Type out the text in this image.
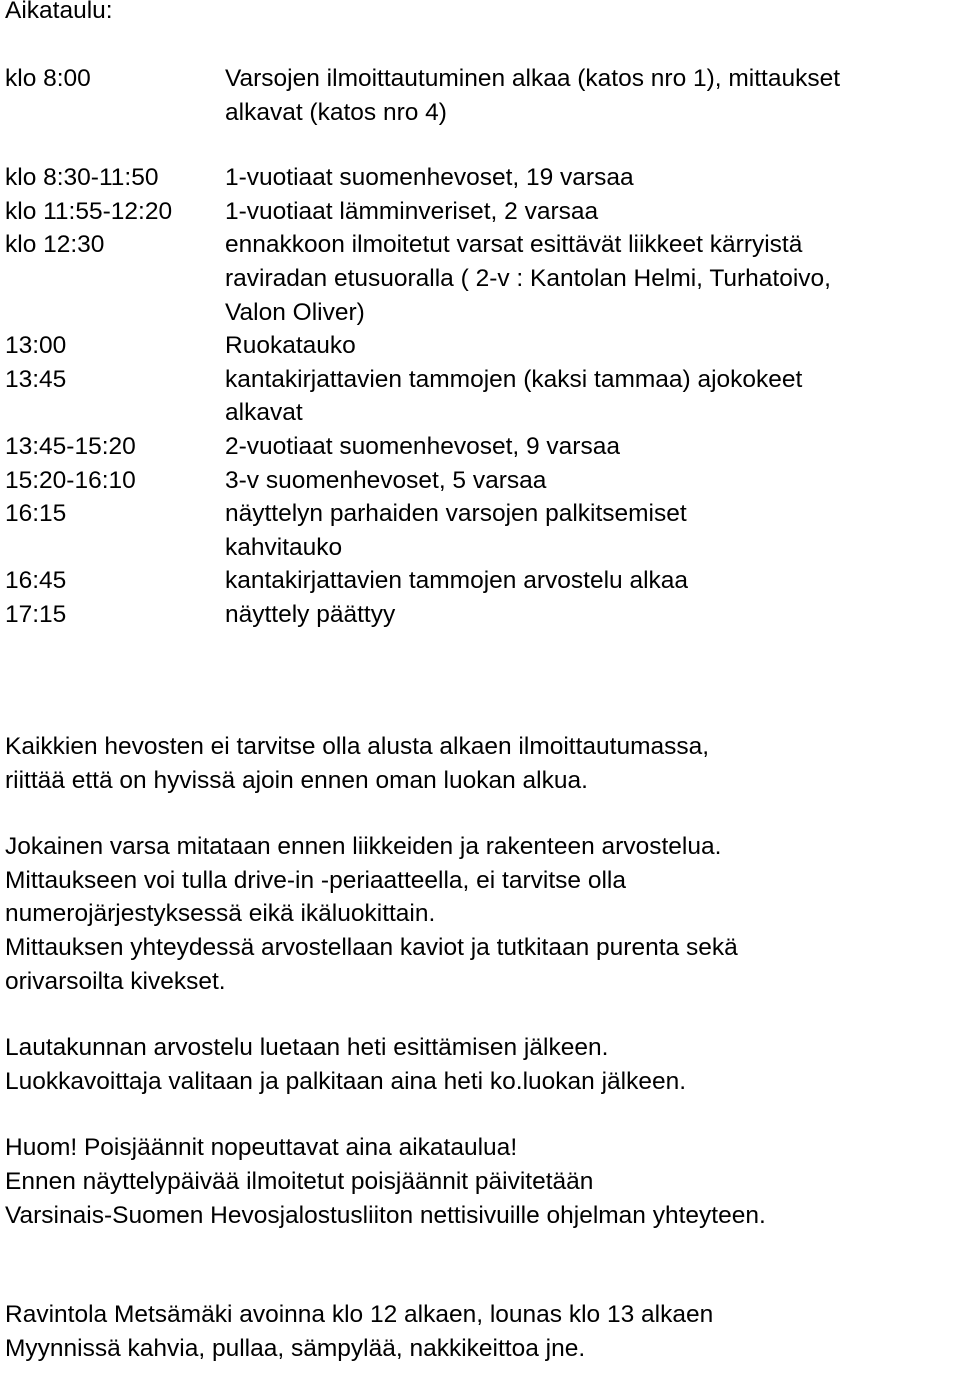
Aikataulu:
klo 8:00	Varsojen ilmoittautuminen alkaa (katos nro 1), mittaukset
alkavat (katos nro 4)
klo 8:30-11:50	1-vuotiaat suomenhevoset, 19 varsaa
klo 11:55-12:20	1-vuotiaat lämminveriset, 2 varsaa
klo 12:30	ennakkoon ilmoitetut varsat esittävät liikkeet kärryistä
raviradan etusuoralla ( 2-v : Kantolan Helmi, Turhatoivo,
Valon Oliver)
13:00	Ruokatauko
13:45	kantakirjattavien tammojen (kaksi tammaa) ajokokeet
alkavat
13:45-15:20	2-vuotiaat suomenhevoset, 9 varsaa
15:20-16:10	3-v suomenhevoset, 5 varsaa
16:15	näyttelyn parhaiden varsojen palkitsemiset
kahvitauko
16:45	kantakirjattavien tammojen arvostelu alkaa
17:15	näyttely päättyy

Kaikkien hevosten ei tarvitse olla alusta alkaen ilmoittautumassa,
riittää että on hyvissä ajoin ennen oman luokan alkua.

Jokainen varsa mitataan ennen liikkeiden ja rakenteen arvostelua.
Mittaukseen voi tulla drive-in -periaatteella, ei tarvitse olla
numerojärjestyksessä eikä ikäluokittain.
Mittauksen yhteydessä arvostellaan kaviot ja tutkitaan purenta sekä
orivarsoilta kivekset.

Lautakunnan arvostelu luetaan heti esittämisen jälkeen.
Luokkavoittaja valitaan ja palkitaan aina heti ko.luokan jälkeen.

Huom! Poisjäännit nopeuttavat aina aikataulua!
Ennen näyttelypäivää ilmoitetut poisjäännit päivitetään
Varsinais-Suomen Hevosjalostusliiton nettisivuille ohjelman yhteyteen.

Ravintola Metsämäki avoinna klo 12 alkaen, lounas klo 13 alkaen
Myynnissä kahvia, pullaa, sämpylää, nakkikeittoa jne.
